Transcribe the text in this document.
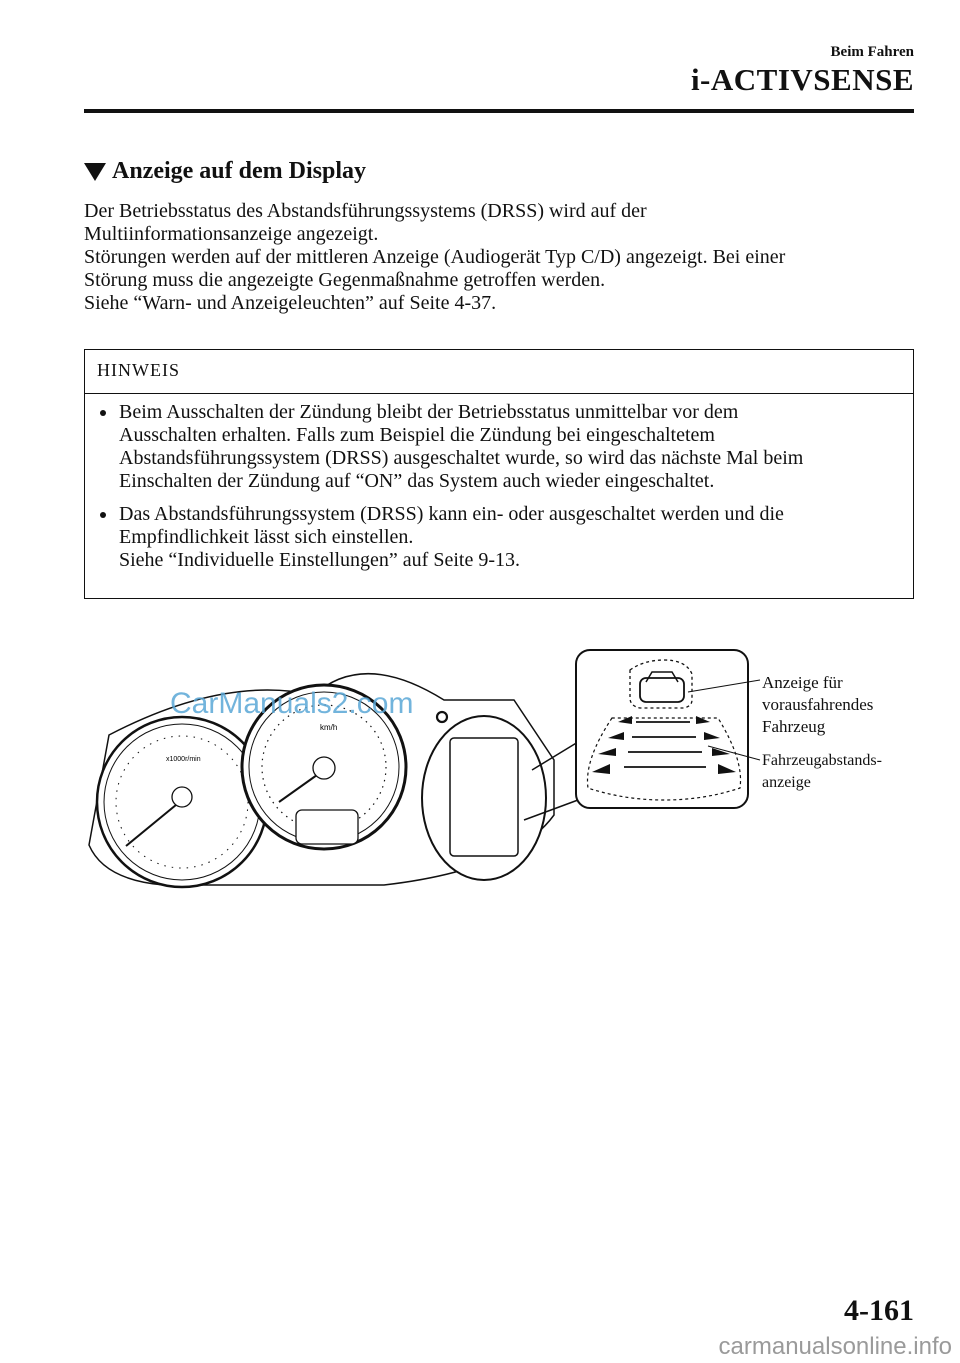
Beim Fahren
i-ACTIVSENSE
Anzeige auf dem Display

Der Betriebsstatus des Abstandsführungssystems (DRSS) wird auf der

Multiinformationsanzeige angezeigt.

Störungen werden auf der mittleren Anzeige (Audiogerät Typ C/D) angezeigt. Bei einer

Störung muss die angezeigte Gegenmaßnahme getroffen werden.

Siehe “Warn- und Anzeigeleuchten” auf Seite 4-37.

HINWEIS
Beim Ausschalten der Zündung bleibt der Betriebsstatus unmittelbar vor dem
Ausschalten erhalten. Falls zum Beispiel die Zündung bei eingeschaltetem
Abstandsführungssystem (DRSS) ausgeschaltet wurde, so wird das nächste Mal beim
Einschalten der Zündung auf “ON” das System auch wieder eingeschaltet.
Das Abstandsführungssystem (DRSS) kann ein- oder ausgeschaltet werden und die
Empfindlichkeit lässt sich einstellen.
Siehe “Individuelle Einstellungen” auf Seite 9-13.
x1000r/min
km/h
CarManuals2.com
Anzeige für
vorausfahrendes
Fahrzeug
Fahrzeugabstands-
anzeige
4-161
carmanualsonline.info
